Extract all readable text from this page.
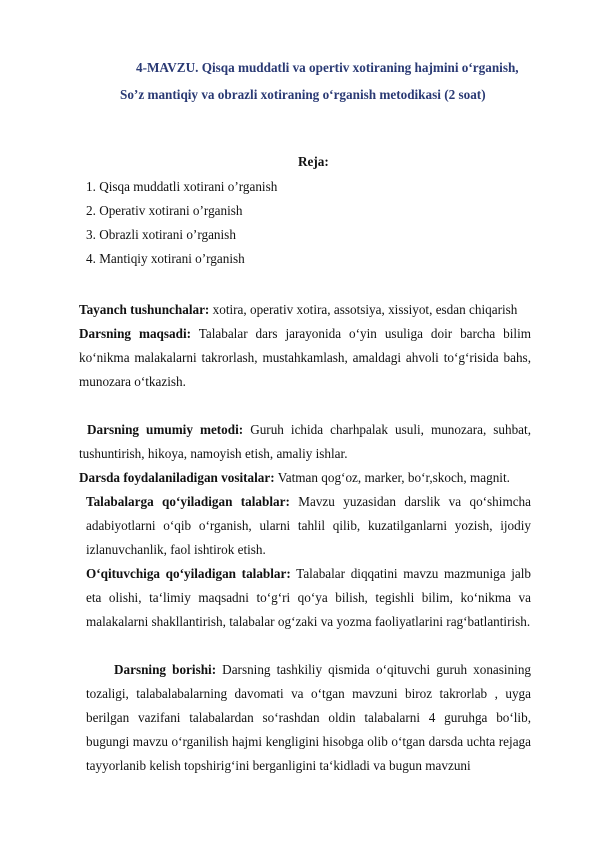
4-MAVZU. Qisqa muddatli va opertiv xotiraning hajmini o‘rganish,
So’z mantiqiy va obrazli xotiraning o‘rganish metodikasi (2 soat)
Reja:
1. Qisqa muddatli xotirani o’rganish
2. Operativ xotirani o’rganish
3. Obrazli xotirani o’rganish
4. Mantiqiy xotirani o’rganish

Tayanch tushunchalar: xotira, operativ xotira, assotsiya, xissiyot, esdan chiqarish

Darsning maqsadi: Talabalar dars jarayonida o‘yin usuliga doir barcha bilim ko‘nikma malakalarni takrorlash, mustahkamlash, amaldagi ahvoli to‘g‘risida bahs, munozara o‘tkazish.

Darsning umumiy metodi: Guruh ichida charhpalak usuli, munozara, suhbat, tushuntirish, hikoya, namoyish etish, amaliy ishlar.

Darsda foydalaniladigan vositalar: Vatman qog‘oz, marker, bo‘r,skoch, magnit.

Talabalarga qo‘yiladigan talablar: Mavzu yuzasidan darslik va qo‘shimcha adabiyotlarni o‘qib o‘rganish, ularni tahlil qilib, kuzatilganlarni yozish, ijodiy izlanuvchanlik, faol ishtirok etish.

O‘qituvchiga qo‘yiladigan talablar: Talabalar diqqatini mavzu mazmuniga jalb eta olishi, ta‘limiy maqsadni to‘g‘ri qo‘ya bilish, tegishli bilim, ko‘nikma va malakalarni shakllantirish, talabalar og‘zaki va yozma faoliyatlarini rag‘batlantirish.

Darsning borishi: Darsning tashkiliy qismida o‘qituvchi guruh xonasining tozaligi, talabalabalarning davomati va o‘tgan mavzuni biroz takrorlab , uyga berilgan vazifani talabalardan so‘rashdan oldin talabalarni 4 guruhga bo‘lib, bugungi mavzu o‘rganilish hajmi kengligini hisobga olib o‘tgan darsda uchta rejaga tayyorlanib kelish topshirig‘ini berganligini ta‘kidladi va bugun mavzuni
